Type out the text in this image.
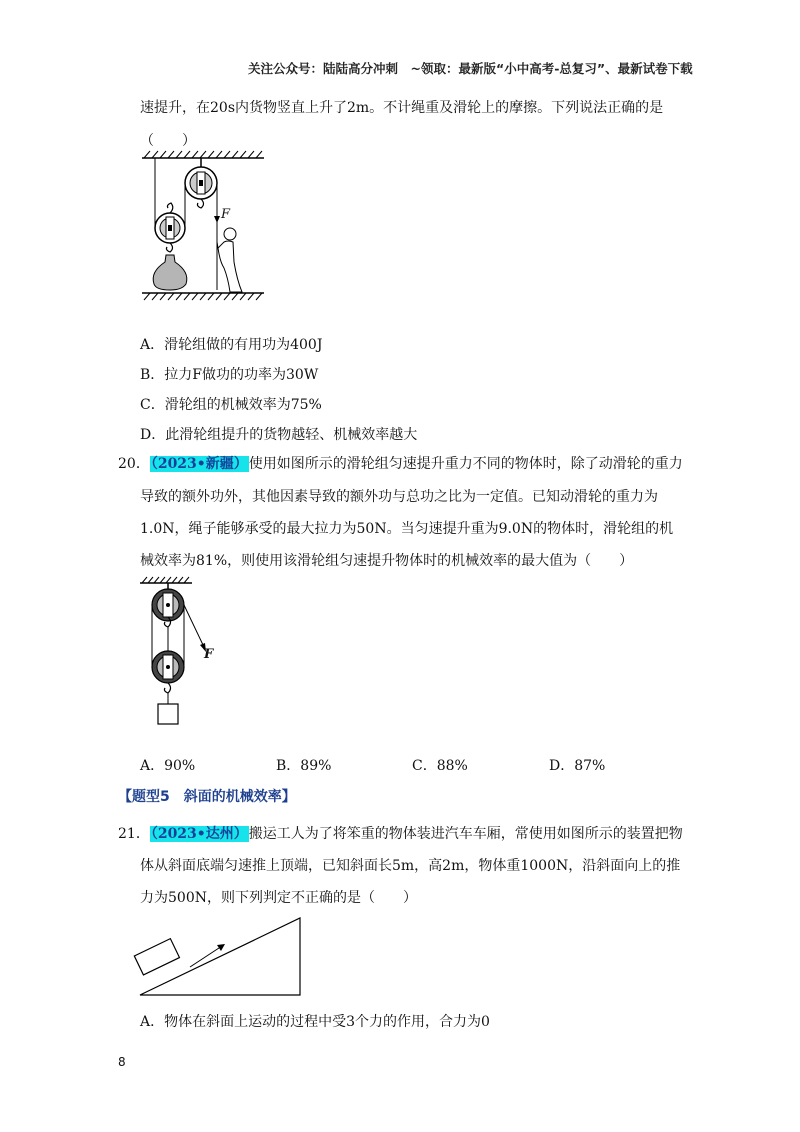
关注公众号：陆陆高分冲刺　~领取：最新版“小中高考-总复习”、最新试卷下载
速提升，在20s内货物竖直上升了2m。不计绳重及滑轮上的摩擦。下列说法正确的是
（　　）
F
A．滑轮组做的有用功为400J
B．拉力F做功的功率为30W
C．滑轮组的机械效率为75%
D．此滑轮组提升的货物越轻、机械效率越大
20．（2023•新疆）使用如图所示的滑轮组匀速提升重力不同的物体时，除了动滑轮的重力
导致的额外功外，其他因素导致的额外功与总功之比为一定值。已知动滑轮的重力为
1.0N，绳子能够承受的最大拉力为50N。当匀速提升重为9.0N的物体时，滑轮组的机
械效率为81%，则使用该滑轮组匀速提升物体时的机械效率的最大值为（　　）
F
A．90%	B．89%	C．88%	D．87%
【题型5　斜面的机械效率】
21．（2023•达州）搬运工人为了将笨重的物体装进汽车车厢，常使用如图所示的装置把物
体从斜面底端匀速推上顶端，已知斜面长5m，高2m，物体重1000N，沿斜面向上的推
力为500N，则下列判定不正确的是（　　）
A．物体在斜面上运动的过程中受3个力的作用，合力为0
8
